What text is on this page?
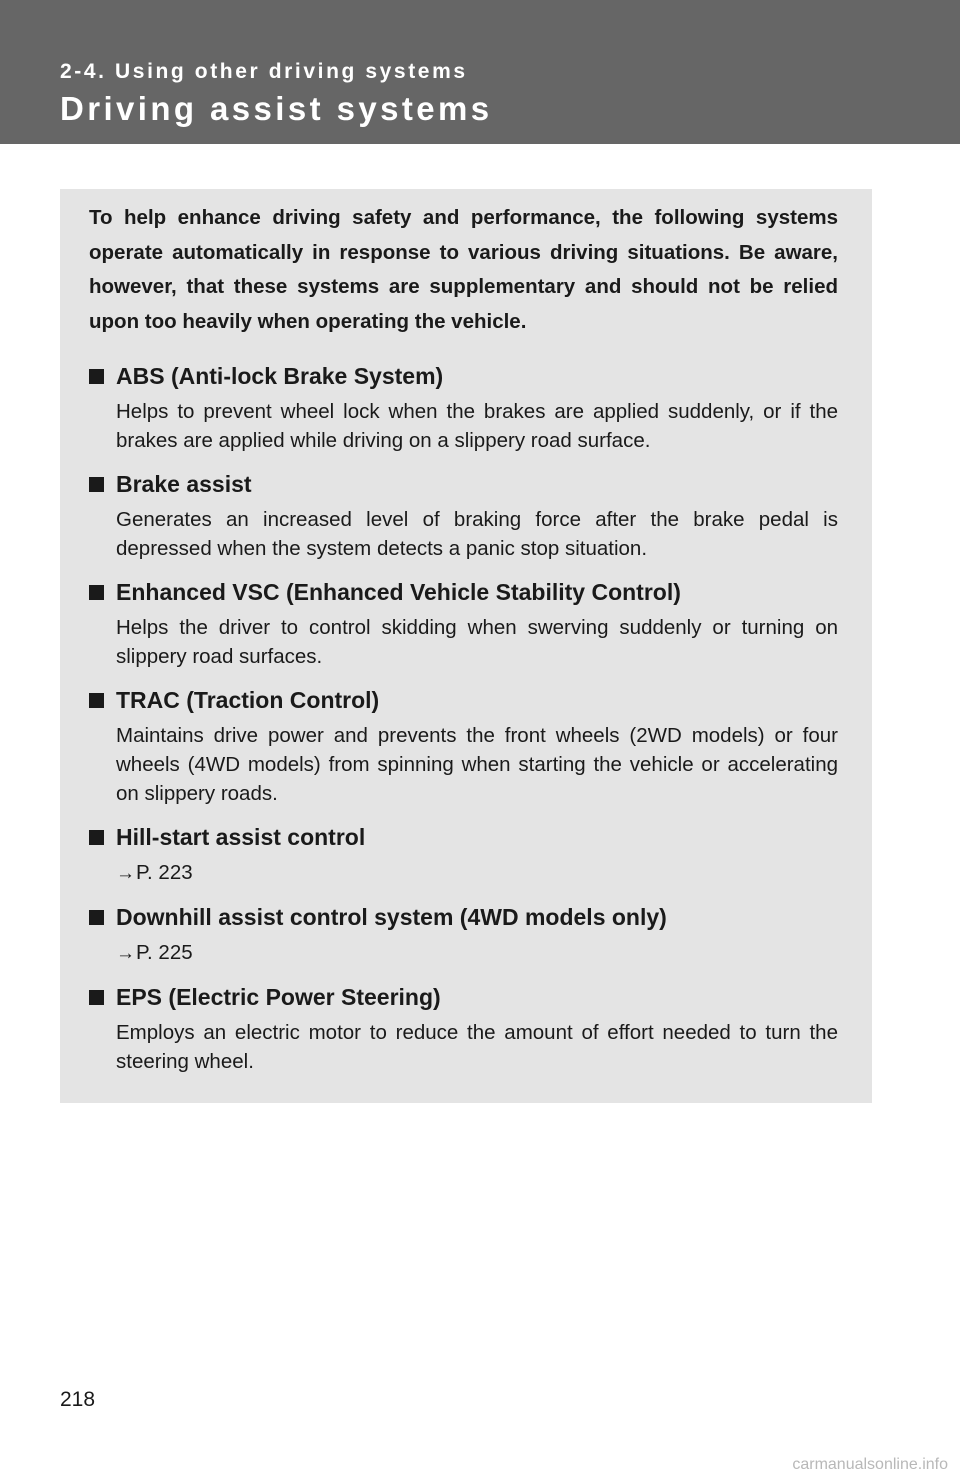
2-4. Using other driving systems
Driving assist systems

To help enhance driving safety and performance, the following systems operate automatically in response to various driving situations. Be aware, however, that these systems are supplementary and should not be relied upon too heavily when operating the vehicle.

ABS (Anti-lock Brake System)
Helps to prevent wheel lock when the brakes are applied suddenly, or if the brakes are applied while driving on a slippery road surface.
Brake assist
Generates an increased level of braking force after the brake pedal is depressed when the system detects a panic stop situation.
Enhanced VSC (Enhanced Vehicle Stability Control)
Helps the driver to control skidding when swerving suddenly or turning on slippery road surfaces.
TRAC (Traction Control)
Maintains drive power and prevents the front wheels (2WD models) or four wheels (4WD models) from spinning when starting the vehicle or accelerating on slippery roads.
Hill-start assist control
→P. 223
Downhill assist control system (4WD models only)
→P. 225
EPS (Electric Power Steering)
Employs an electric motor to reduce the amount of effort needed to turn the steering wheel.
218
carmanualsonline.info
